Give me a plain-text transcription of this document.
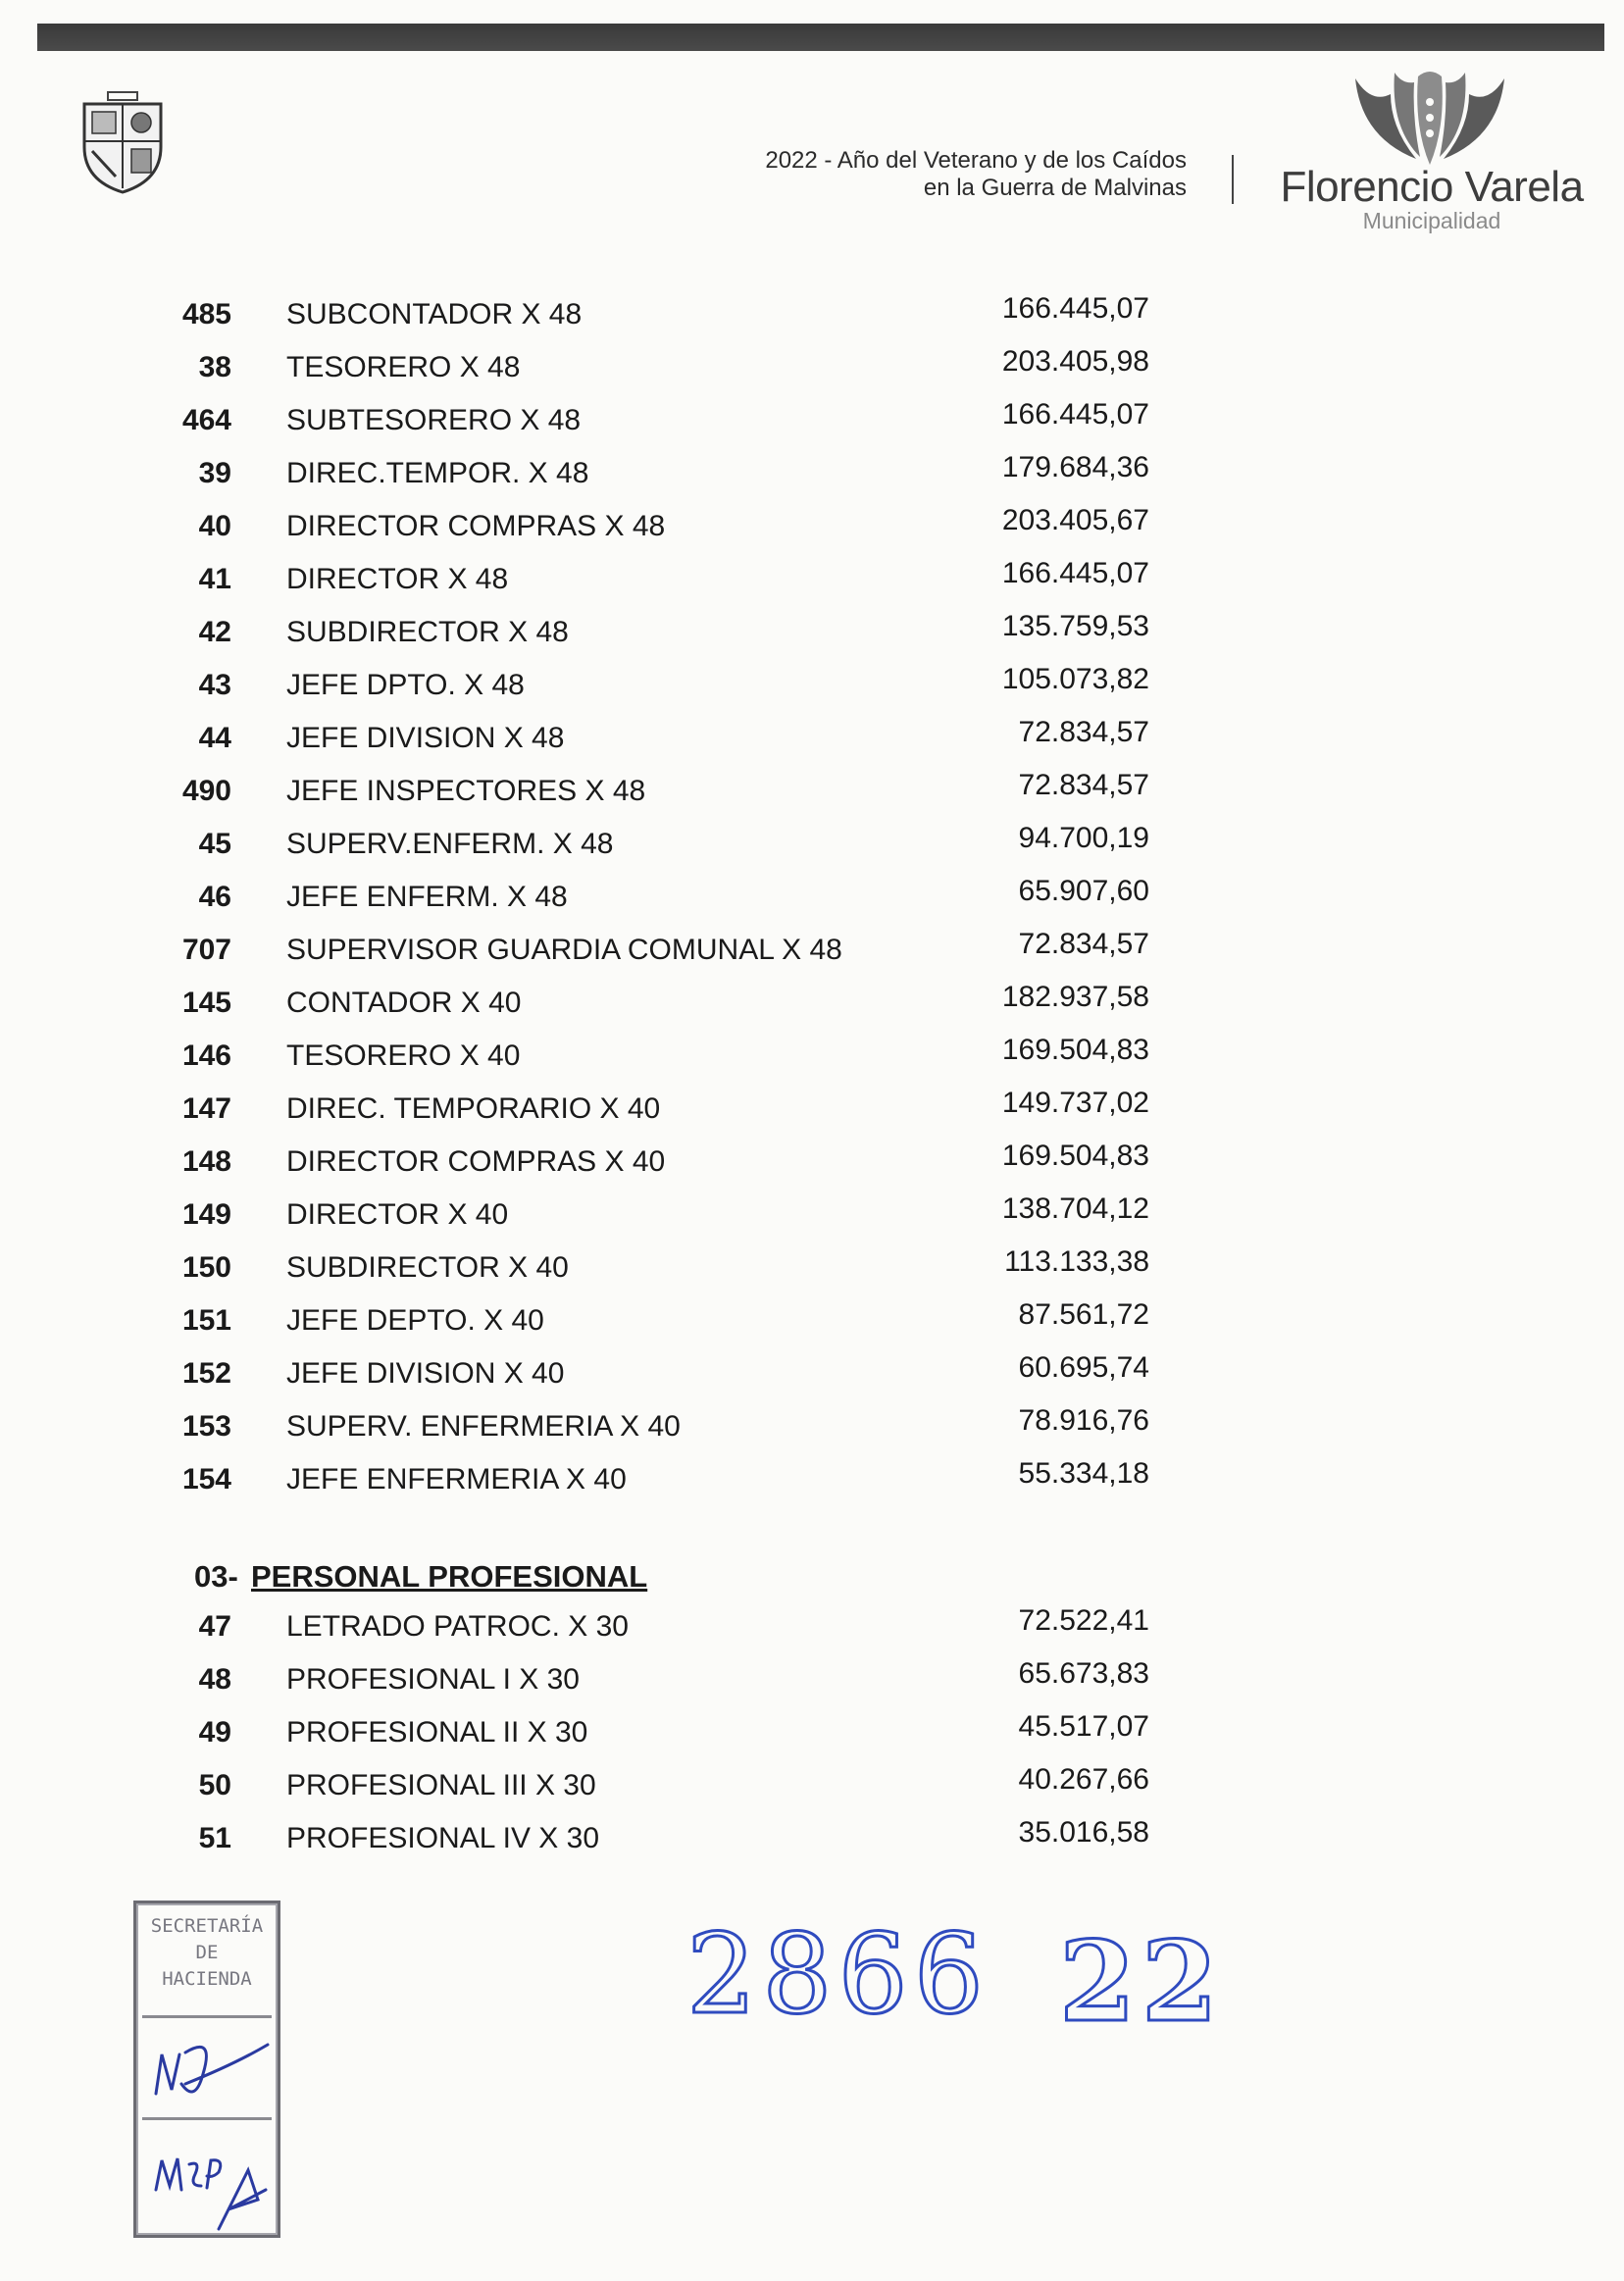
2022 - Año del Veterano y de los Caídos
en la Guerra de Malvinas Florencio Varela
Municipalidad
485 SUBCONTADOR X 48	166.445,07
38 TESORERO X 48	203.405,98
464 SUBTESORERO X 48	166.445,07
39 DIREC.TEMPOR. X 48	179.684,36
40 DIRECTOR COMPRAS X 48	203.405,67
41 DIRECTOR X 48	166.445,07
42 SUBDIRECTOR X 48	135.759,53
43 JEFE DPTO. X 48	105.073,82
44 JEFE DIVISION X 48	72.834,57
490 JEFE INSPECTORES X 48	72.834,57
45 SUPERV.ENFERM. X 48	94.700,19
46 JEFE ENFERM. X 48	65.907,60
707 SUPERVISOR GUARDIA COMUNAL X 48	72.834,57
145 CONTADOR X 40	182.937,58
146 TESORERO X 40	169.504,83
147 DIREC. TEMPORARIO X 40	149.737,02
148 DIRECTOR COMPRAS X 40	169.504,83
149 DIRECTOR X 40	138.704,12
150 SUBDIRECTOR X 40	113.133,38
151 JEFE DEPTO. X 40	87.561,72
152 JEFE DIVISION X 40	60.695,74
153 SUPERV. ENFERMERIA X 40	78.916,76
154 JEFE ENFERMERIA X 40	55.334,18
03- PERSONAL PROFESIONAL
47 LETRADO PATROC. X 30	72.522,41
48 PROFESIONAL I X 30	65.673,83
49 PROFESIONAL II X 30	45.517,07
50 PROFESIONAL III X 30	40.267,66
51 PROFESIONAL IV X 30	35.016,58
SECRETARÍA
DE
HACIENDA	2866 22
